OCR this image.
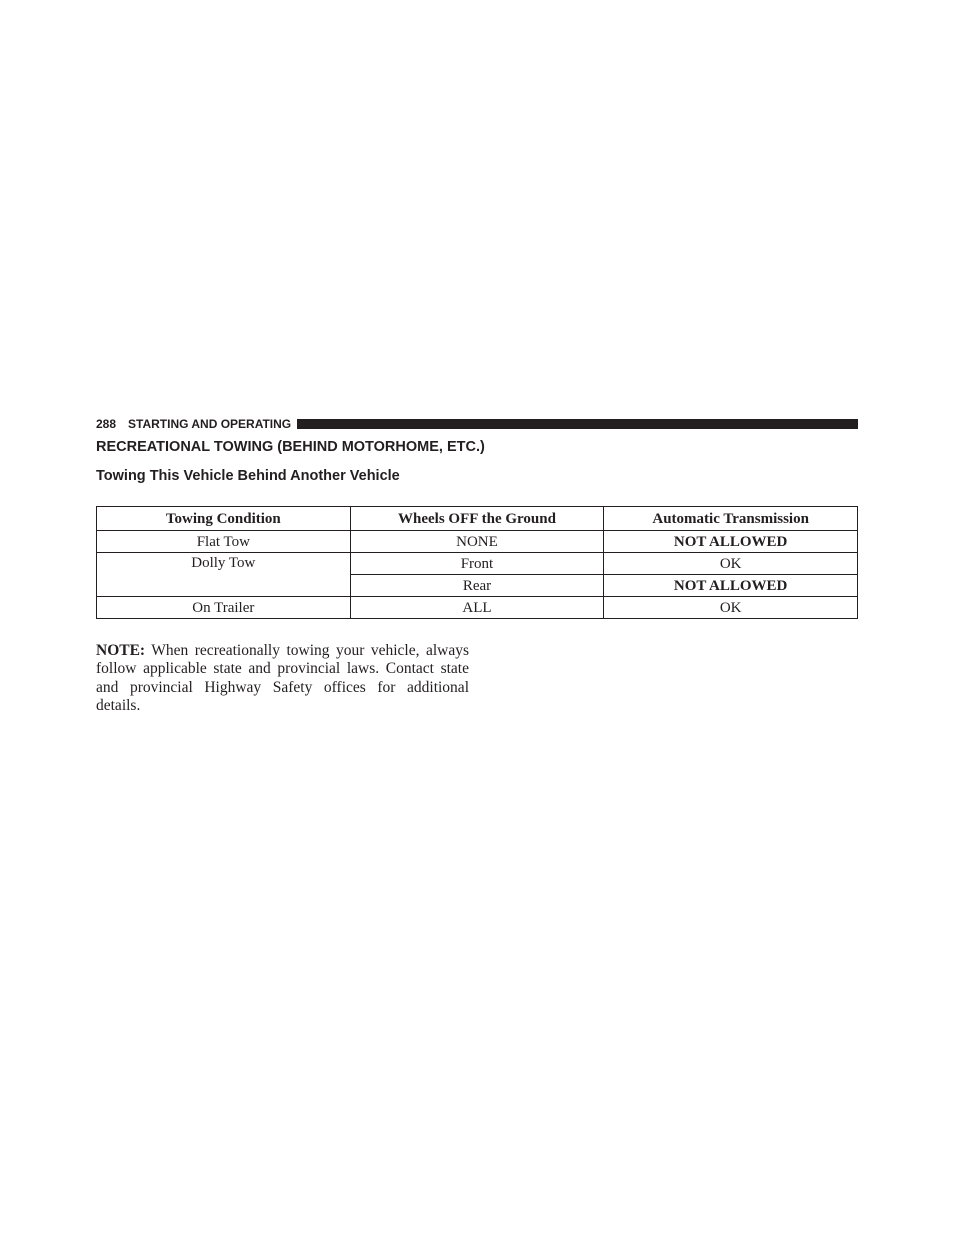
288 STARTING AND OPERATING
RECREATIONAL TOWING (BEHIND MOTORHOME, ETC.)
Towing This Vehicle Behind Another Vehicle
Towing Condition	Wheels OFF the Ground	Automatic Transmission
Flat Tow	NONE	NOT ALLOWED
Dolly Tow	Front	OK
	Rear	NOT ALLOWED
On Trailer	ALL	OK

NOTE: When recreationally towing your vehicle, always follow applicable state and provincial laws. Contact state and provincial Highway Safety offices for additional details.
